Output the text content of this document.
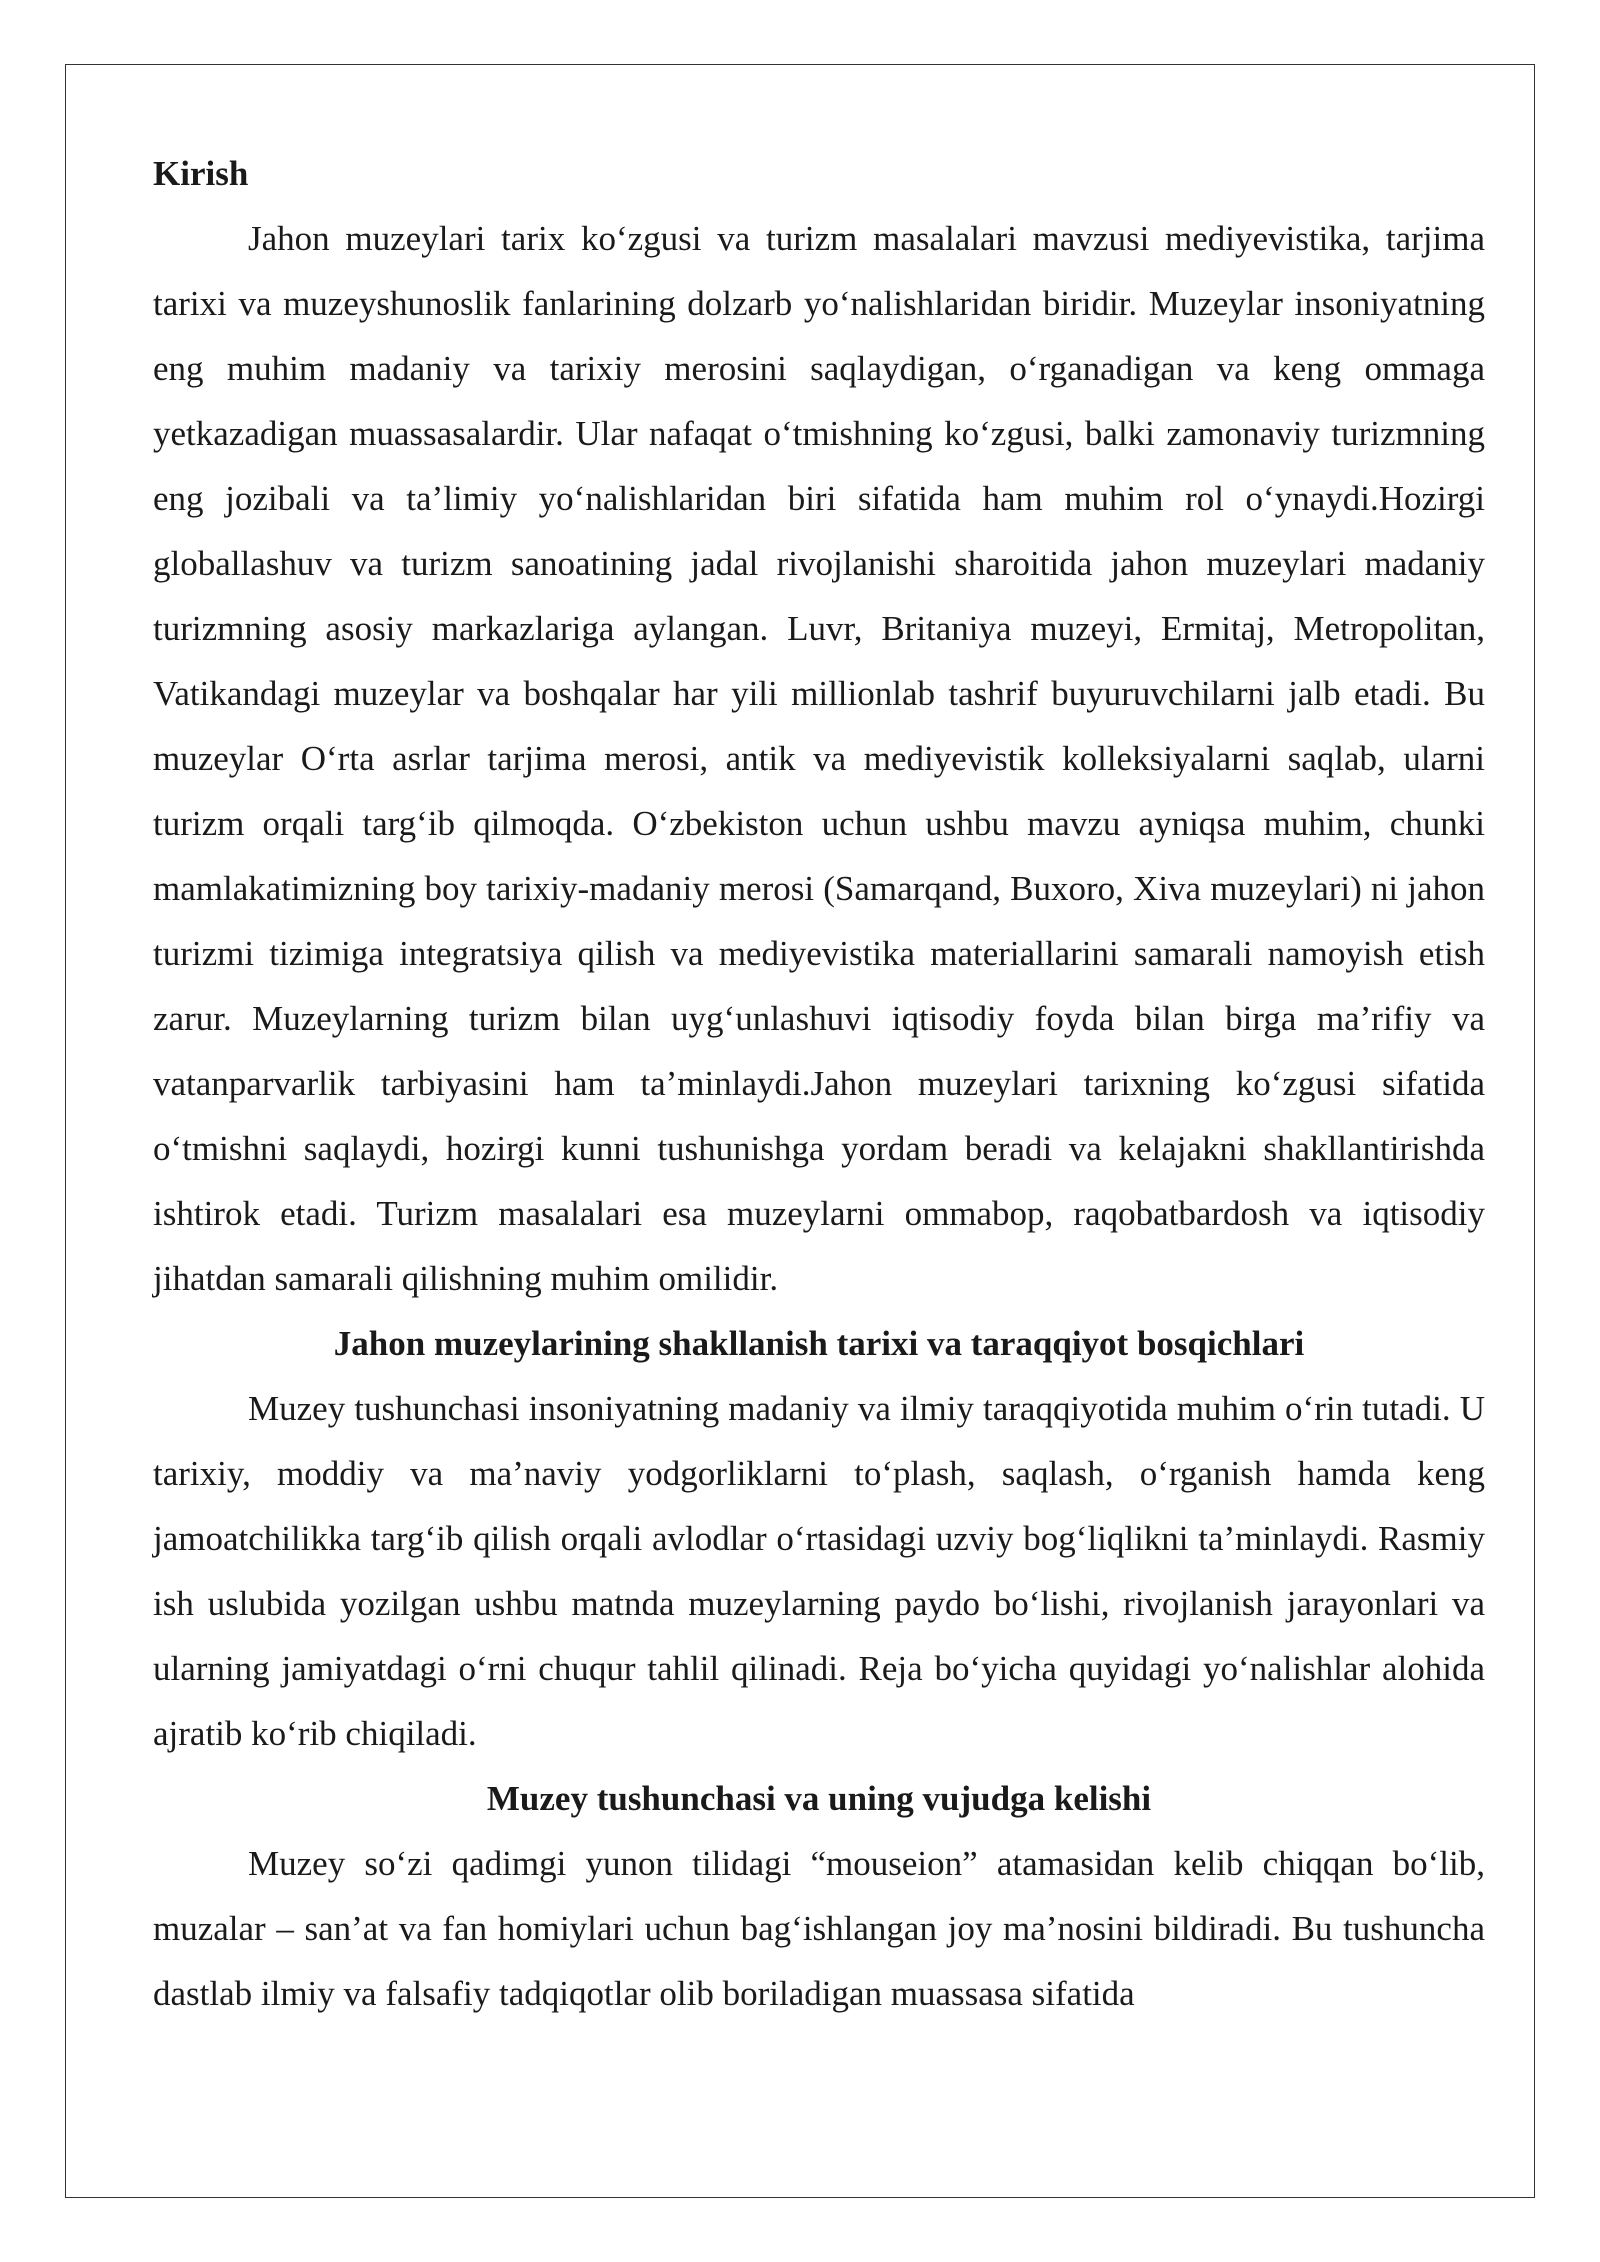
Kirish

Jahon muzeylari tarix ko‘zgusi va turizm masalalari mavzusi mediyevistika, tarjima tarixi va muzeyshunoslik fanlarining dolzarb yo‘nalishlaridan biridir. Muzeylar insoniyatning eng muhim madaniy va tarixiy merosini saqlaydigan, o‘rganadigan va keng ommaga yetkazadigan muassasalardir. Ular nafaqat o‘tmishning ko‘zgusi, balki zamonaviy turizmning eng jozibali va ta’limiy yo‘nalishlaridan biri sifatida ham muhim rol o‘ynaydi.Hozirgi globallashuv va turizm sanoatining jadal rivojlanishi sharoitida jahon muzeylari madaniy turizmning asosiy markazlariga aylangan. Luvr, Britaniya muzeyi, Ermitaj, Metropolitan, Vatikandagi muzeylar va boshqalar har yili millionlab tashrif buyuruvchilarni jalb etadi. Bu muzeylar O‘rta asrlar tarjima merosi, antik va mediyevistik kolleksiyalarni saqlab, ularni turizm orqali targ‘ib qilmoqda. O‘zbekiston uchun ushbu mavzu ayniqsa muhim, chunki mamlakatimizning boy tarixiy-madaniy merosi (Samarqand, Buxoro, Xiva muzeylari) ni jahon turizmi tizimiga integratsiya qilish va mediyevistika materiallarini samarali namoyish etish zarur. Muzeylarning turizm bilan uyg‘unlashuvi iqtisodiy foyda bilan birga ma’rifiy va vatanparvarlik tarbiyasini ham ta’minlaydi.Jahon muzeylari tarixning ko‘zgusi sifatida o‘tmishni saqlaydi, hozirgi kunni tushunishga yordam beradi va kelajakni shakllantirishda ishtirok etadi. Turizm masalalari esa muzeylarni ommabop, raqobatbardosh va iqtisodiy jihatdan samarali qilishning muhim omilidir.

Jahon muzeylarining shakllanish tarixi va taraqqiyot bosqichlari

Muzey tushunchasi insoniyatning madaniy va ilmiy taraqqiyotida muhim o‘rin tutadi. U tarixiy, moddiy va ma’naviy yodgorliklarni to‘plash, saqlash, o‘rganish hamda keng jamoatchilikka targ‘ib qilish orqali avlodlar o‘rtasidagi uzviy bog‘liqlikni ta’minlaydi. Rasmiy ish uslubida yozilgan ushbu matnda muzeylarning paydo bo‘lishi, rivojlanish jarayonlari va ularning jamiyatdagi o‘rni chuqur tahlil qilinadi. Reja bo‘yicha quyidagi yo‘nalishlar alohida ajratib ko‘rib chiqiladi.

Muzey tushunchasi va uning vujudga kelishi

Muzey so‘zi qadimgi yunon tilidagi “mouseion” atamasidan kelib chiqqan bo‘lib, muzalar – san’at va fan homiylari uchun bag‘ishlangan joy ma’nosini bildiradi. Bu tushuncha dastlab ilmiy va falsafiy tadqiqotlar olib boriladigan muassasa sifatida
